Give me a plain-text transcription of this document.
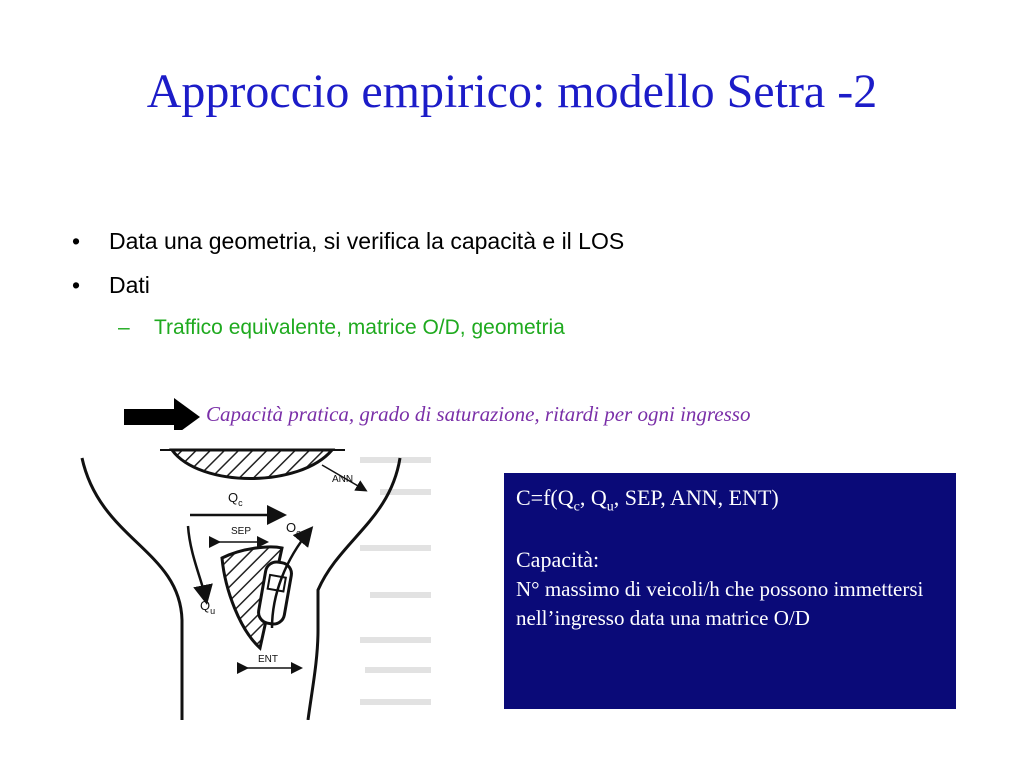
Approccio empirico: modello Setra -2
•	Data una geometria, si verifica la capacità e il LOS
•	Dati
–	Traffico equivalente, matrice O/D, geometria
Capacità pratica, grado di saturazione, ritardi per ogni ingresso
ANN
$Q_c$
SEP	$O_e$
$Q_u$
ENT
$C=f(Q_c$, $Q_u$, SEP, ANN, ENT)
Capacità:
N° massimo di veicoli/h che possono immettersi nell’ingresso data una matrice O/D
